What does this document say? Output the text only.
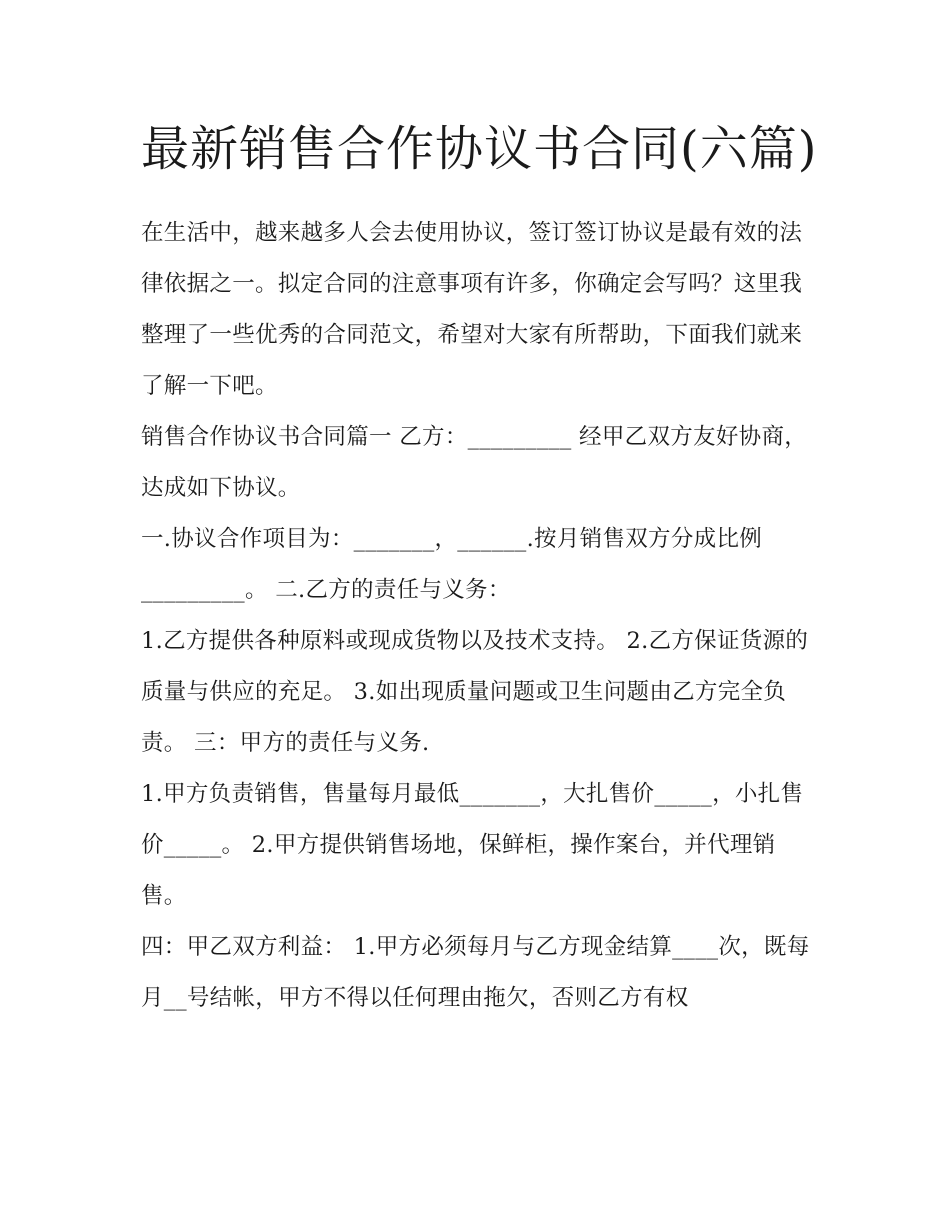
最新销售合作协议书合同(六篇)

在生活中，越来越多人会去使用协议，签订签订协议是最有效的法律依据之一。拟定合同的注意事项有许多，你确定会写吗？这里我整理了一些优秀的合同范文，希望对大家有所帮助，下面我们就来了解一下吧。

销售合作协议书合同篇一 乙方：_________ 经甲乙双方友好协商，达成如下协议。

一.协议合作项目为：_______，______.按月销售双方分成比例_________。 二.乙方的责任与义务：

1.乙方提供各种原料或现成货物以及技术支持。 2.乙方保证货源的质量与供应的充足。 3.如出现质量问题或卫生问题由乙方完全负责。 三：甲方的责任与义务.

1.甲方负责销售，售量每月最低_______，大扎售价_____，小扎售价_____。 2.甲方提供销售场地，保鲜柜，操作案台，并代理销售。

四：甲乙双方利益： 1.甲方必须每月与乙方现金结算____次，既每月__号结帐，甲方不得以任何理由拖欠，否则乙方有权
